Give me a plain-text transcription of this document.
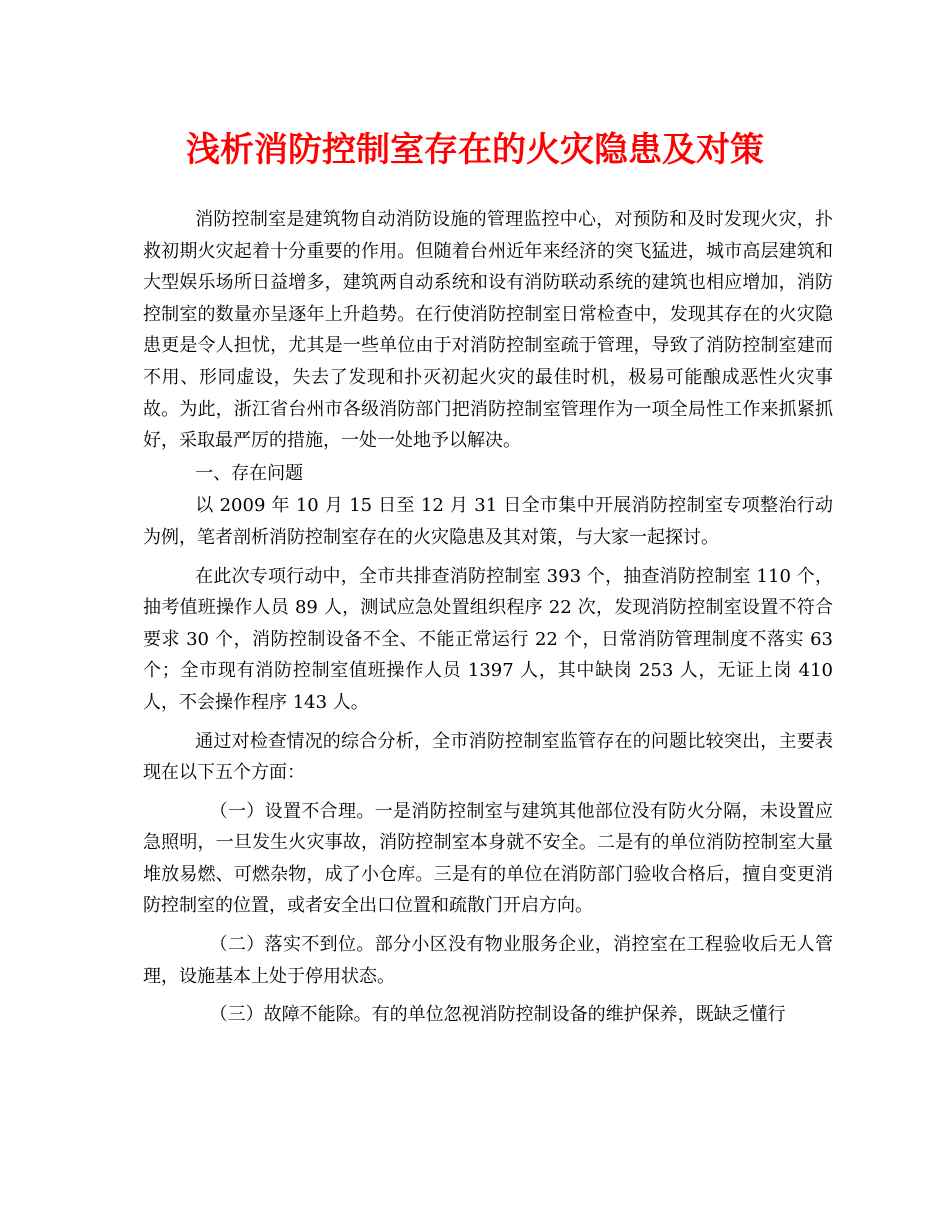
浅析消防控制室存在的火灾隐患及对策

消防控制室是建筑物自动消防设施的管理监控中心，对预防和及时发现火灾，扑救初期火灾起着十分重要的作用。但随着台州近年来经济的突飞猛进，城市高层建筑和大型娱乐场所日益增多，建筑两自动系统和设有消防联动系统的建筑也相应增加，消防控制室的数量亦呈逐年上升趋势。在行使消防控制室日常检查中，发现其存在的火灾隐患更是令人担忧，尤其是一些单位由于对消防控制室疏于管理，导致了消防控制室建而不用、形同虚设，失去了发现和扑灭初起火灾的最佳时机，极易可能酿成恶性火灾事故。为此，浙江省台州市各级消防部门把消防控制室管理作为一项全局性工作来抓紧抓好，采取最严厉的措施，一处一处地予以解决。

一、存在问题

以 2009 年 10 月 15 日至 12 月 31 日全市集中开展消防控制室专项整治行动为例，笔者剖析消防控制室存在的火灾隐患及其对策，与大家一起探讨。

在此次专项行动中，全市共排查消防控制室 393 个，抽查消防控制室 110 个，抽考值班操作人员 89 人，测试应急处置组织程序 22 次，发现消防控制室设置不符合要求 30 个，消防控制设备不全、不能正常运行 22 个，日常消防管理制度不落实 63 个；全市现有消防控制室值班操作人员 1397 人，其中缺岗 253 人，无证上岗 410 人，不会操作程序 143 人。

通过对检查情况的综合分析，全市消防控制室监管存在的问题比较突出，主要表现在以下五个方面：

（一）设置不合理。一是消防控制室与建筑其他部位没有防火分隔，未设置应急照明，一旦发生火灾事故，消防控制室本身就不安全。二是有的单位消防控制室大量堆放易燃、可燃杂物，成了小仓库。三是有的单位在消防部门验收合格后，擅自变更消防控制室的位置，或者安全出口位置和疏散门开启方向。

（二）落实不到位。部分小区没有物业服务企业，消控室在工程验收后无人管理，设施基本上处于停用状态。

（三）故障不能除。有的单位忽视消防控制设备的维护保养，既缺乏懂行
